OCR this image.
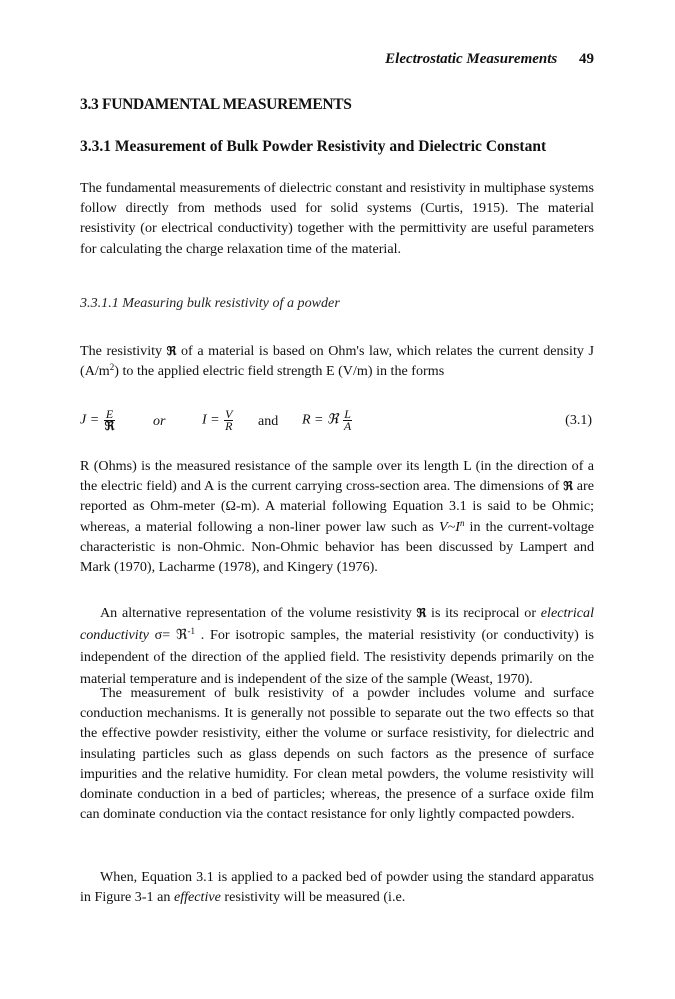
Electrostatic Measurements 49
3.3 FUNDAMENTAL MEASUREMENTS
3.3.1 Measurement of Bulk Powder Resistivity and Dielectric Constant

The fundamental measurements of dielectric constant and resistivity in multiphase systems follow directly from methods used for solid systems (Curtis, 1915). The material resistivity (or electrical conductivity) together with the permittivity are useful parameters for calculating the charge relaxation time of the material.

3.3.1.1 Measuring bulk resistivity of a powder

The resistivity ℜ of a material is based on Ohm's law, which relates the current density J $(A/m^2)$ to the applied electric field strength E (V/m) in the forms

$J = \frac{E}{\text{ℜ}}$	or	$I = \frac{V}{R}$ and R = ℜ $\frac{L}{A}$	(3.1)

R (Ohms) is the measured resistance of the sample over its length L (in the direction of a the electric field) and A is the current carrying cross-section area. The dimensions of ℜ are reported as Ohm-meter (Ω-m). A material following Equation 3.1 is said to be Ohmic; whereas, a material following a non-liner power law such as $V\sim I^n$ in the current-voltage characteristic is non-Ohmic. Non-Ohmic behavior has been discussed by Lampert and Mark (1970), Lacharme (1978), and Kingery (1976).

An alternative representation of the volume resistivity ℜ is its reciprocal or electrical conductivity σ= ℜ$^{-1}$ . For isotropic samples, the material resistivity (or conductivity) is independent of the direction of the applied field. The resistivity depends primarily on the material temperature and is independent of the size of the sample (Weast, 1970).

The measurement of bulk resistivity of a powder includes volume and surface conduction mechanisms. It is generally not possible to separate out the two effects so that the effective powder resistivity, either the volume or surface resistivity, for dielectric and insulating particles such as glass depends on such factors as the presence of surface impurities and the relative humidity. For clean metal powders, the volume resistivity will dominate conduction in a bed of particles; whereas, the presence of a surface oxide film can dominate conduction via the contact resistance for only lightly compacted powders.

When, Equation 3.1 is applied to a packed bed of powder using the standard apparatus in Figure 3-1 an effective resistivity will be measured (i.e.
